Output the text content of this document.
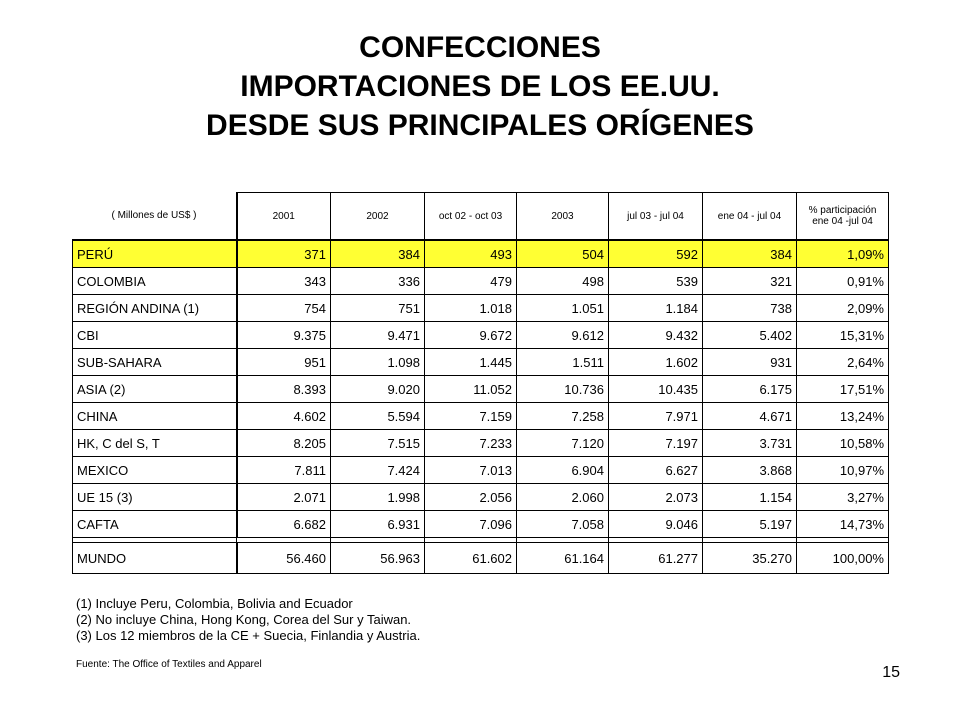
CONFECCIONES
IMPORTACIONES DE LOS EE.UU.
DESDE SUS PRINCIPALES ORÍGENES
( Millones de US$ )	2001	2002	oct 02 - oct 03	2003	jul 03 - jul 04	ene 04 - jul 04	% participación
ene 04 -jul 04
PERÚ	371	384	493	504	592	384	1,09%
COLOMBIA	343	336	479	498	539	321	0,91%
REGIÓN ANDINA (1)	754	751	1.018	1.051	1.184	738	2,09%
CBI	9.375	9.471	9.672	9.612	9.432	5.402	15,31%
SUB-SAHARA	951	1.098	1.445	1.511	1.602	931	2,64%
ASIA (2)	8.393	9.020	11.052	10.736	10.435	6.175	17,51%
CHINA	4.602	5.594	7.159	7.258	7.971	4.671	13,24%
HK, C del S, T	8.205	7.515	7.233	7.120	7.197	3.731	10,58%
MEXICO	7.811	7.424	7.013	6.904	6.627	3.868	10,97%
UE 15 (3)	2.071	1.998	2.056	2.060	2.073	1.154	3,27%
CAFTA	6.682	6.931	7.096	7.058	9.046	5.197	14,73%

MUNDO	56.460	56.963	61.602	61.164	61.277	35.270	100,00%
(1) Incluye Peru, Colombia, Bolivia and Ecuador
(2) No incluye China, Hong Kong, Corea del Sur y Taiwan.
(3) Los 12 miembros de la CE + Suecia, Finlandia y Austria.
Fuente: The Office of Textiles and Apparel	15
